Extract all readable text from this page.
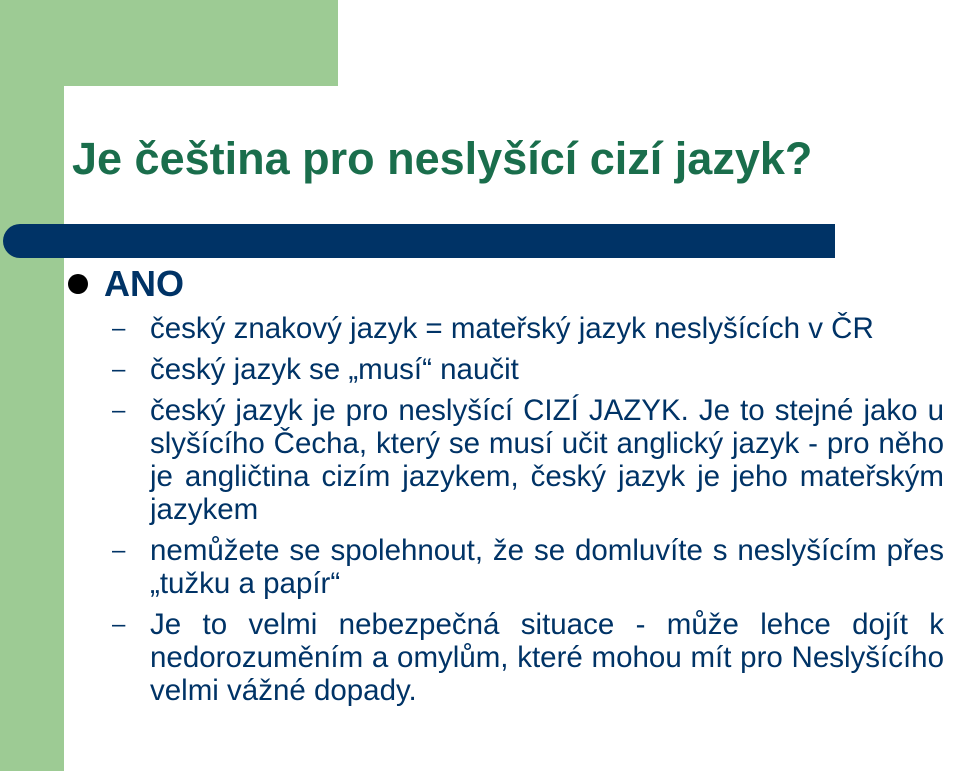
Je čeština pro neslyšící cizí jazyk?
ANO
– český znakový jazyk = mateřský jazyk neslyšících v ČR
– český jazyk se „musí“ naučit
– český jazyk je pro neslyšící CIZÍ JAZYK. Je to stejné jako u slyšícího Čecha, který se musí učit anglický jazyk - pro něho je angličtina cizím jazykem, český jazyk je jeho mateřským jazykem
– nemůžete se spolehnout, že se domluvíte s neslyšícím přes „tužku a papír“
– Je to velmi nebezpečná situace - může lehce dojít k nedorozuměním a omylům, které mohou mít pro Neslyšícího velmi vážné dopady.
